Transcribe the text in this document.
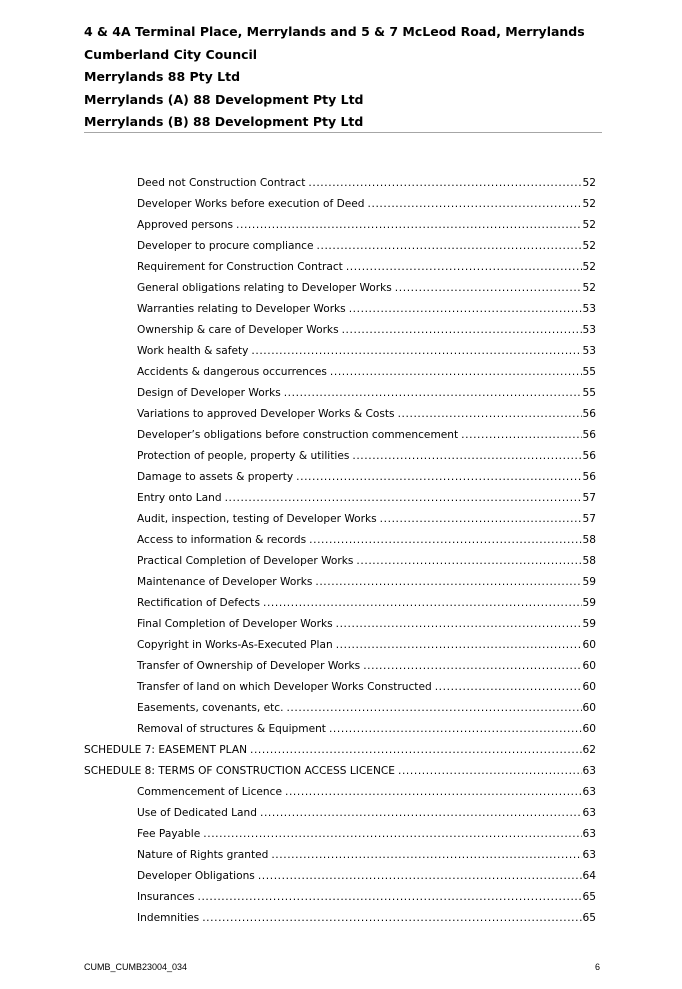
4 & 4A Terminal Place, Merrylands and 5 & 7 McLeod Road, Merrylands
Cumberland City Council
Merrylands 88 Pty Ltd
Merrylands (A) 88 Development Pty Ltd
Merrylands (B) 88 Development Pty Ltd
Deed not Construction Contract .....	52
Developer Works before execution of Deed .....	52
Approved persons .....	52
Developer to procure compliance .....	52
Requirement for Construction Contract .....	52
General obligations relating to Developer Works .....	52
Warranties relating to Developer Works .....	53
Ownership & care of Developer Works .....	53
Work health & safety .....	53
Accidents & dangerous occurrences .....	55
Design of Developer Works .....	55
Variations to approved Developer Works & Costs .....	56
Developer’s obligations before construction commencement .....	56
Protection of people, property & utilities .....	56
Damage to assets & property .....	56
Entry onto Land .....	57
Audit, inspection, testing of Developer Works .....	57
Access to information & records .....	58
Practical Completion of Developer Works .....	58
Maintenance of Developer Works .....	59
Rectification of Defects .....	59
Final Completion of Developer Works .....	59
Copyright in Works-As-Executed Plan .....	60
Transfer of Ownership of Developer Works .....	60
Transfer of land on which Developer Works Constructed .....	60
Easements, covenants, etc. .....	60
Removal of structures & Equipment .....	60
SCHEDULE 7: EASEMENT PLAN .....	62
SCHEDULE 8: TERMS OF CONSTRUCTION ACCESS LICENCE .....	63
Commencement of Licence .....	63
Use of Dedicated Land .....	63
Fee Payable .....	63
Nature of Rights granted .....	63
Developer Obligations .....	64
Insurances .....	65
Indemnities .....	65
CUMB_CUMB23004_034	6
